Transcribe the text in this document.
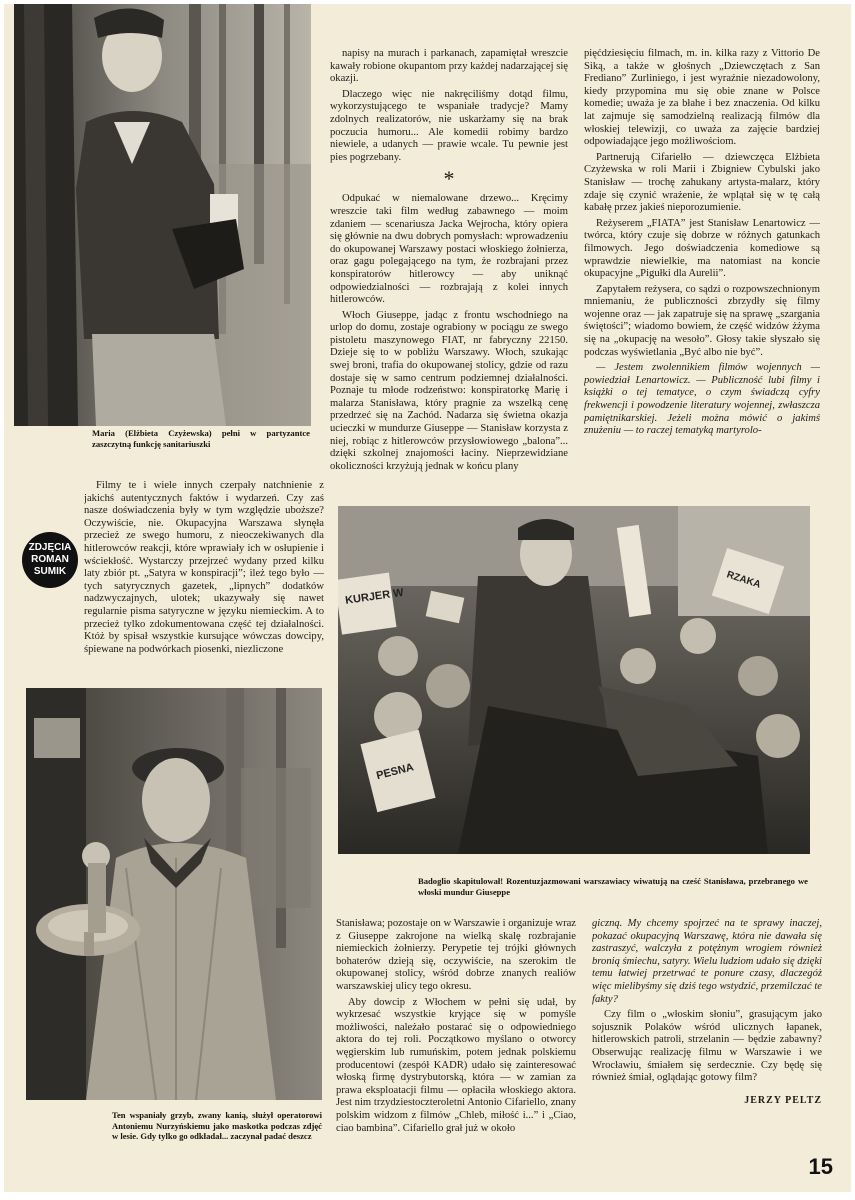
Maria (Elżbieta Czyżewska) pełni w partyzantce zaszczytną funkcję sanitariuszki

Filmy te i wiele innych czerpały natchnienie z jakichś autentycznych faktów i wydarzeń. Czy zaś nasze doświadczenia były w tym względzie uboższe? Oczywiście, nie. Okupacyjna Warszawa słynęła przecież ze swego humoru, z nieoczekiwanych dla hitlerowców reakcji, które wprawiały ich w osłupienie i wściekłość. Wystarczy przejrzeć wydany przed kilku laty zbiór pt. „Satyra w konspiracji”; ileż tego było — tych satyrycznych gazetek, „lipnych” dodatków nadzwyczajnych, ulotek; ukazywały się nawet regularnie pisma satyryczne w języku niemieckim. A to przecież tylko zdokumentowana część tej działalności. Któż by spisał wszystkie kursujące wówczas dowcipy, śpiewane na podwórkach piosenki, niezliczone

ZDJĘCIA
ROMAN
SUMIK

napisy na murach i parkanach, zapamiętał wreszcie kawały robione okupantom przy każdej nadarzającej się okazji.

Dlaczego więc nie nakręciliśmy dotąd filmu, wykorzystującego te wspaniałe tradycje? Mamy zdolnych realizatorów, nie uskarżamy się na brak poczucia humoru... Ale komedii robimy bardzo niewiele, a udanych — prawie wcale. Tu pewnie jest pies pogrzebany.

*

Odpukać w niemalowane drzewo... Kręcimy wreszcie taki film według zabawnego — moim zdaniem — scenariusza Jacka Wejrocha, który opiera się głównie na dwu dobrych pomysłach: wprowadzeniu do okupowanej Warszawy postaci włoskiego żołnierza, oraz gagu polegającego na tym, że rozbrajani przez konspiratorów hitlerowcy — aby uniknąć odpowiedzialności — rozbrajają z kolei innych hitlerowców.

Włoch Giuseppe, jadąc z frontu wschodniego na urlop do domu, zostaje ograbiony w pociągu ze swego pistoletu maszynowego FIAT, nr fabryczny 22150. Dzieje się to w pobliżu Warszawy. Włoch, szukając swej broni, trafia do okupowanej stolicy, gdzie od razu dostaje się w samo centrum podziemnej działalności. Poznaje tu młode rodzeństwo: konspiratorkę Marię i malarza Stanisława, który pragnie za wszelką cenę przedrzeć się na Zachód. Nadarza się świetna okazja ucieczki w mundurze Giuseppe — Stanisław korzysta z niej, robiąc z hitlerowców przysłowiowego „balona”... dzięki szkolnej znajomości łaciny. Nieprzewidziane okoliczności krzyżują jednak w końcu plany

pięćdziesięciu filmach, m. in. kilka razy z Vittorio De Siką, a także w głośnych „Dziewczętach z San Frediano” Zurliniego, i jest wyraźnie niezadowolony, kiedy przypomina mu się obie znane w Polsce komedie; uważa je za błahe i bez znaczenia. Od kilku lat zajmuje się samodzielną realizacją filmów dla włoskiej telewizji, co uważa za zajęcie bardziej odpowiadające jego możliwościom.

Partnerują Cifarielło — dziewczęca Elżbieta Czyżewska w roli Marii i Zbigniew Cybulski jako Stanisław — trochę zahukany artysta-malarz, który zdaje się czynić wrażenie, że wplątał się w tę całą kabałę przez jakieś nieporozumienie.

Reżyserem „FIATA” jest Stanisław Lenartowicz — twórca, który czuje się dobrze w różnych gatunkach filmowych. Jego doświadczenia komediowe są wprawdzie niewielkie, ma natomiast na koncie okupacyjne „Pigułki dla Aurelii”.

Zapytałem reżysera, co sądzi o rozpowszechnionym mniemaniu, że publiczności zbrzydły się filmy wojenne oraz — jak zapatruje się na sprawę „szargania świętości”; wiadomo bowiem, że część widzów żżyma się na „okupację na wesoło”. Głosy takie słyszało się podczas wyświetlania „Być albo nie być”.

— Jestem zwolennikiem filmów wojennych — powiedział Lenartowicz. — Publiczność lubi filmy i książki o tej tematyce, o czym świadczą cyfry frekwencji i powodzenie literatury wojennej, zwłaszcza pamiętnikarskiej. Jeżeli można mówić o jakimś znużeniu — to raczej tematyką martyrolo-

KURJER W
PESNA
RZAKA
Badoglio skapitulował! Rozentuzjazmowani warszawiacy wiwatują na cześć Stanisława, przebranego we włoski mundur Giuseppe
Ten wspaniały grzyb, zwany kanią, służył operatorowi Antoniemu Nurzyńskiemu jako maskotka podczas zdjęć w lesie. Gdy tylko go odkładał... zaczynał padać deszcz

Stanisława; pozostaje on w Warszawie i organizuje wraz z Giuseppe zakrojone na wielką skalę rozbrajanie niemieckich żołnierzy. Perypetie tej trójki głównych bohaterów dzieją się, oczywiście, na szerokim tle okupowanej stolicy, wśród dobrze znanych realiów warszawskiej ulicy tego okresu.

Aby dowcip z Włochem w pełni się udał, by wykrzesać wszystkie kryjące się w pomyśle możliwości, należało postarać się o odpowiedniego aktora do tej roli. Początkowo myślano o otworcy węgierskim lub rumuńskim, potem jednak polskiemu producentowi (zespół KADR) udało się zainteresować włoską firmę dystrybutorską, która — w zamian za prawa eksploatacji filmu — opłaciła włoskiego aktora. Jest nim trzydziestoczteroletni Antonio Cifariello, znany polskim widzom z filmów „Chleb, miłość i...” i „Ciao, ciao bambina”. Cifariello grał już w około

giczną. My chcemy spojrzeć na te sprawy inaczej, pokazać okupacyjną Warszawę, która nie dawała się zastraszyć, walczyła z potężnym wrogiem również bronią śmiechu, satyry. Wielu ludziom udało się dzięki temu łatwiej przetrwać te ponure czasy, dlaczegóż więc mielibyśmy się dziś tego wstydzić, przemilczać te fakty?

Czy film o „włoskim słoniu”, grasującym jako sojusznik Polaków wśród ulicznych łapanek, hitlerowskich patroli, strzelanin — będzie zabawny? Obserwując realizację filmu w Warszawie i we Wrocławiu, śmiałem się serdecznie. Czy będę się również śmiał, oglądając gotowy film?

JERZY PELTZ

15
